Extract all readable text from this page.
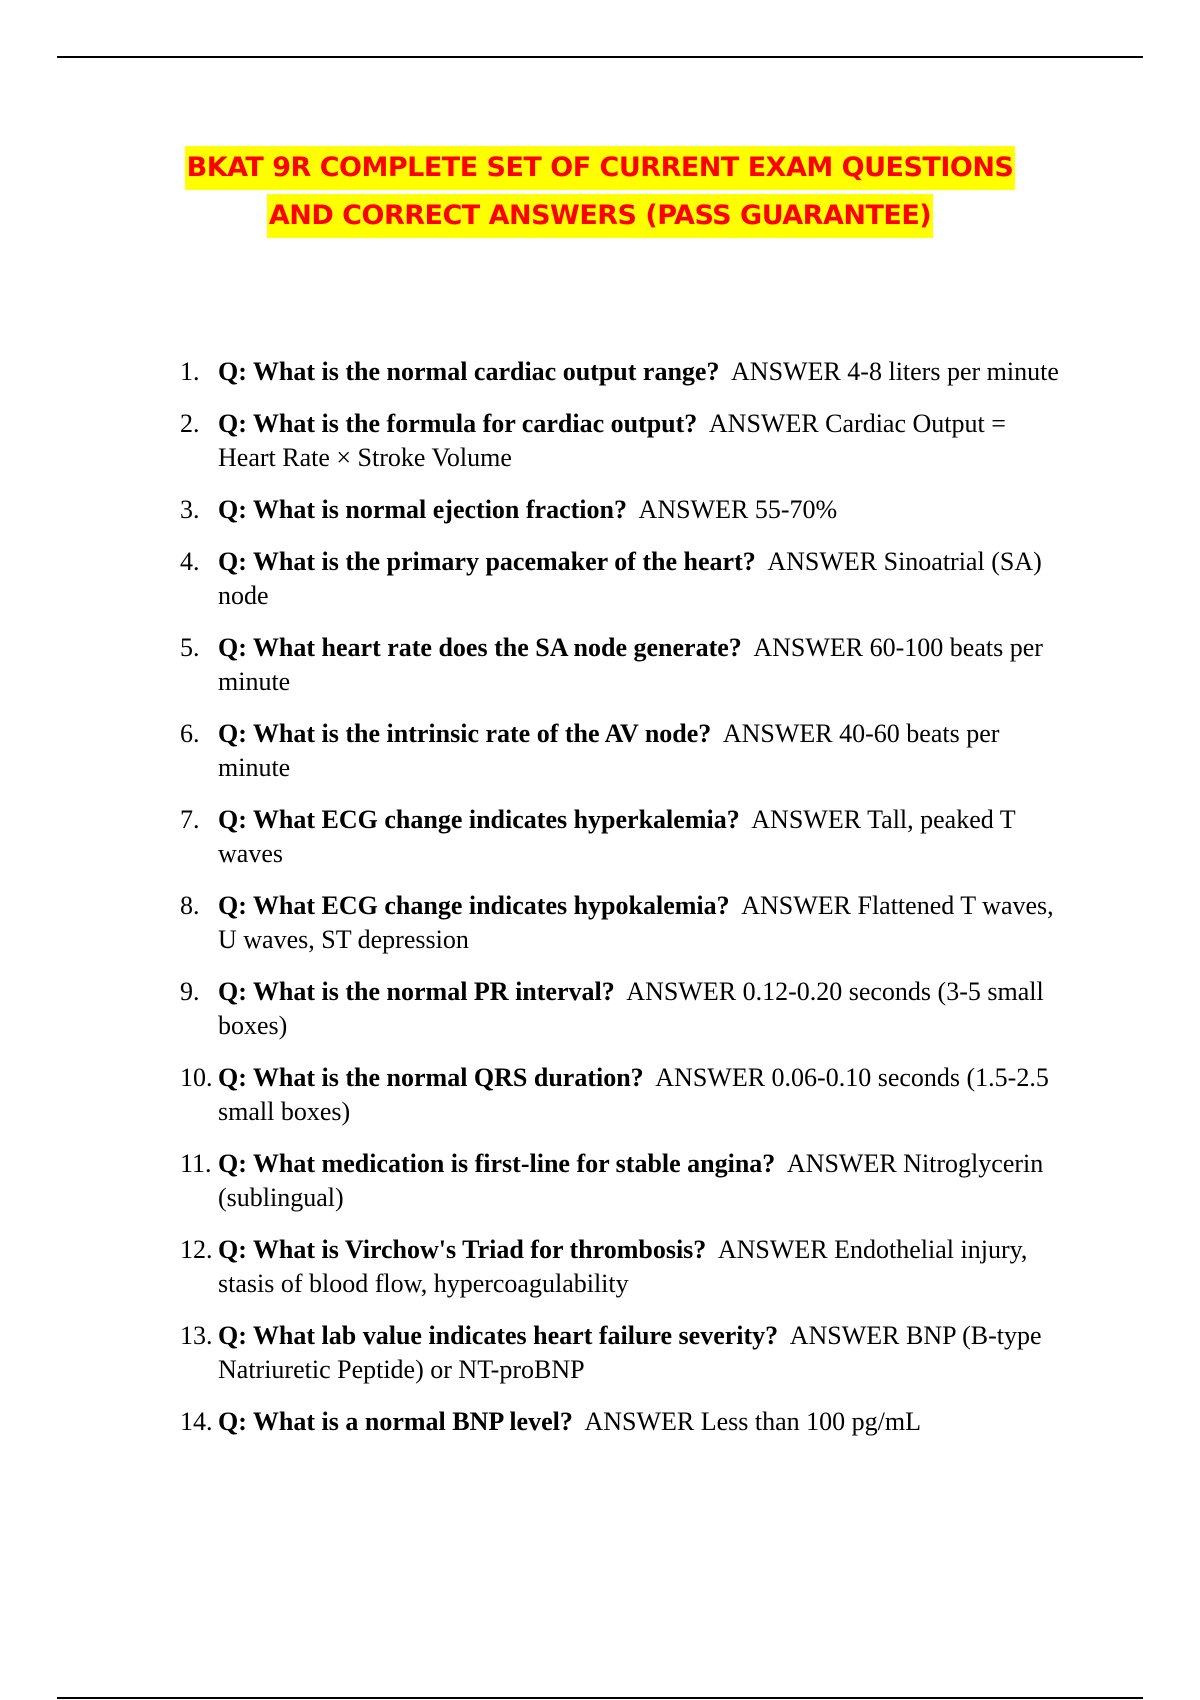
BKAT 9R COMPLETE SET OF CURRENT EXAM QUESTIONS
AND CORRECT ANSWERS (PASS GUARANTEE)
1. Q: What is the normal cardiac output range? ANSWER 4-8 liters per minute
2. Q: What is the formula for cardiac output? ANSWER Cardiac Output = Heart Rate × Stroke Volume
3. Q: What is normal ejection fraction? ANSWER 55-70%
4. Q: What is the primary pacemaker of the heart? ANSWER Sinoatrial (SA) node
5. Q: What heart rate does the SA node generate? ANSWER 60-100 beats per minute
6. Q: What is the intrinsic rate of the AV node? ANSWER 40-60 beats per minute
7. Q: What ECG change indicates hyperkalemia? ANSWER Tall, peaked T waves
8. Q: What ECG change indicates hypokalemia? ANSWER Flattened T waves, U waves, ST depression
9. Q: What is the normal PR interval? ANSWER 0.12-0.20 seconds (3-5 small boxes)
10. Q: What is the normal QRS duration? ANSWER 0.06-0.10 seconds (1.5-2.5 small boxes)
11. Q: What medication is first-line for stable angina? ANSWER Nitroglycerin (sublingual)
12. Q: What is Virchow's Triad for thrombosis? ANSWER Endothelial injury, stasis of blood flow, hypercoagulability
13. Q: What lab value indicates heart failure severity? ANSWER BNP (B-type Natriuretic Peptide) or NT-proBNP
14. Q: What is a normal BNP level? ANSWER Less than 100 pg/mL
